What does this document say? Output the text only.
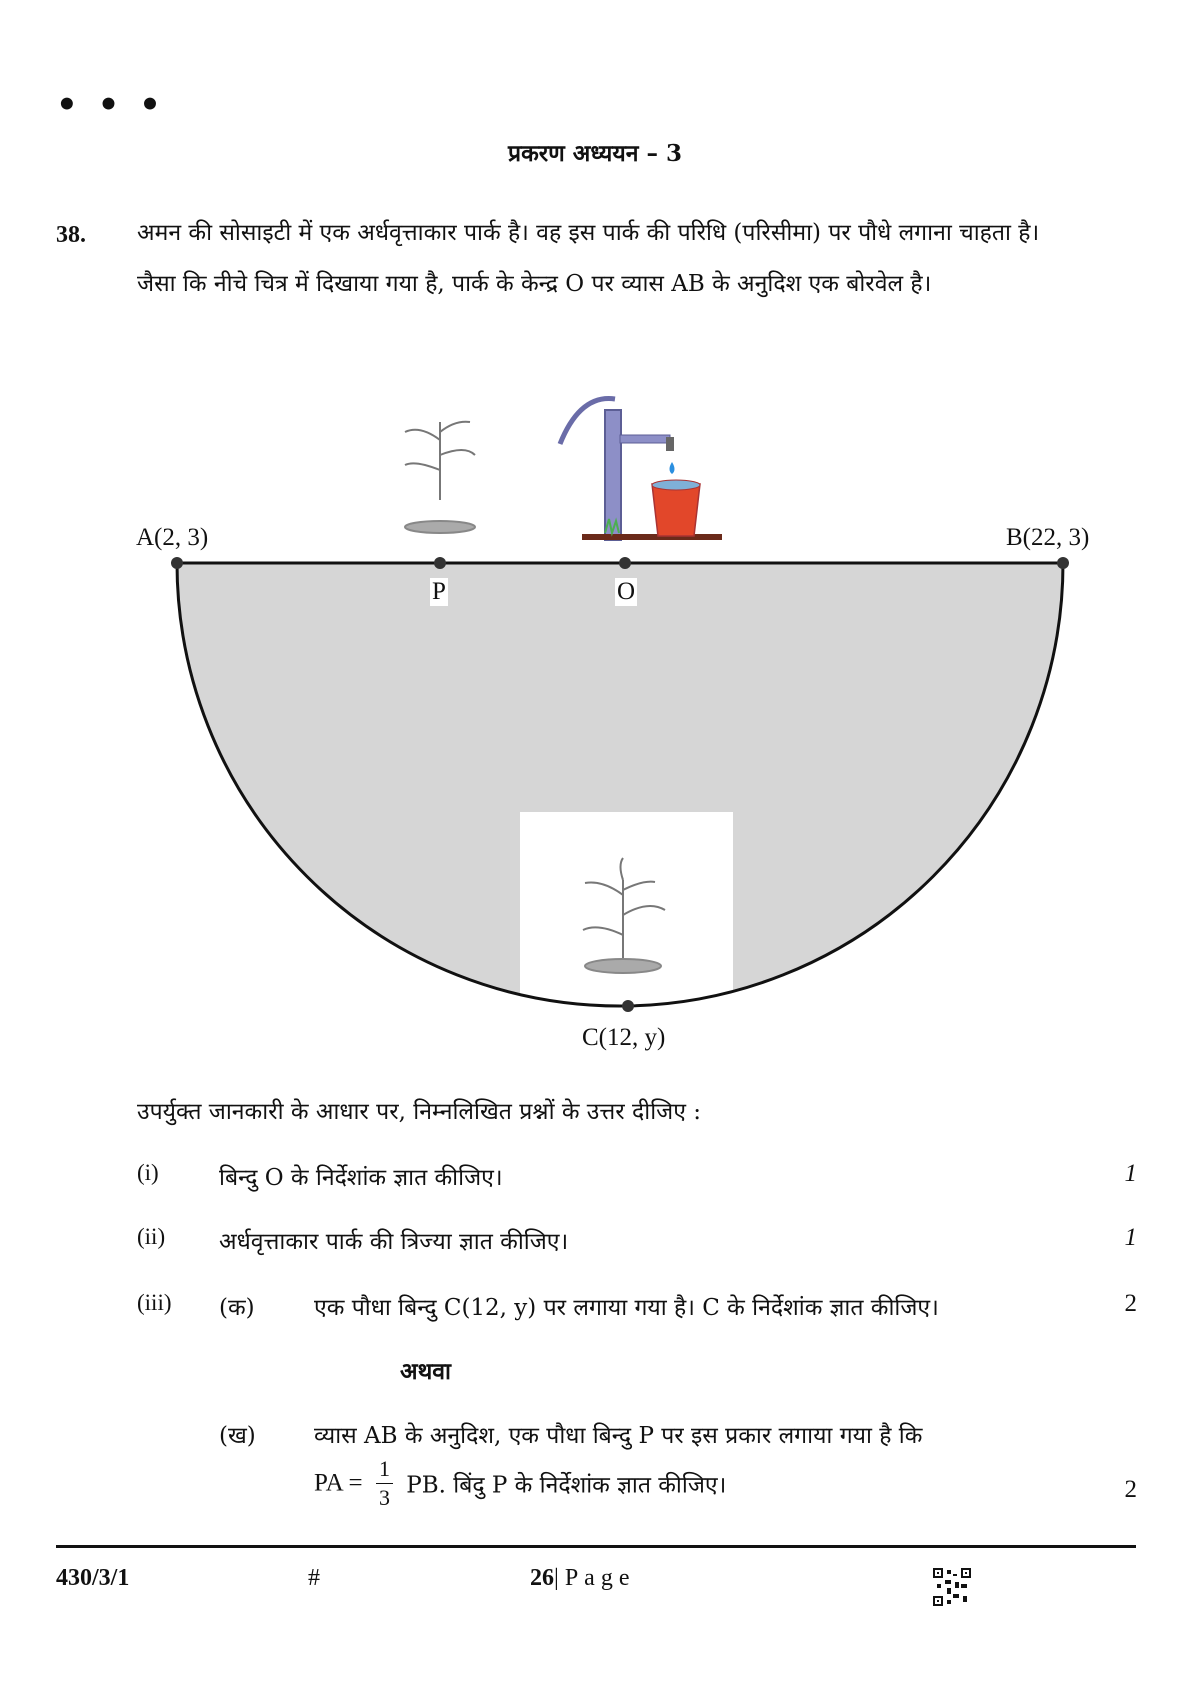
• • •
प्रकरण अध्ययन – 3
38. अमन की सोसाइटी में एक अर्धवृत्ताकार पार्क है। वह इस पार्क की परिधि (परिसीमा) पर पौधे लगाना चाहता है। जैसा कि नीचे चित्र में दिखाया गया है, पार्क के केन्द्र O पर व्यास AB के अनुदिश एक बोरवेल है।
A(2, 3)	B(22, 3)
P	O
C(12, y)
उपर्युक्त जानकारी के आधार पर, निम्नलिखित प्रश्नों के उत्तर दीजिए :
(i)	बिन्दु O के निर्देशांक ज्ञात कीजिए।	1
(ii) अर्धवृत्ताकार पार्क की त्रिज्या ज्ञात कीजिए।	1
(iii) (क)	एक पौधा बिन्दु C(12, y) पर लगाया गया है। C के निर्देशांक ज्ञात कीजिए।	2
अथवा
(ख)	व्यास AB के अनुदिश, एक पौधा बिन्दु P पर इस प्रकार लगाया गया है कि
PA = $\frac{1}{3}$ PB. बिंदु P के निर्देशांक ज्ञात कीजिए।	2
430/3/1	#	26| Page
